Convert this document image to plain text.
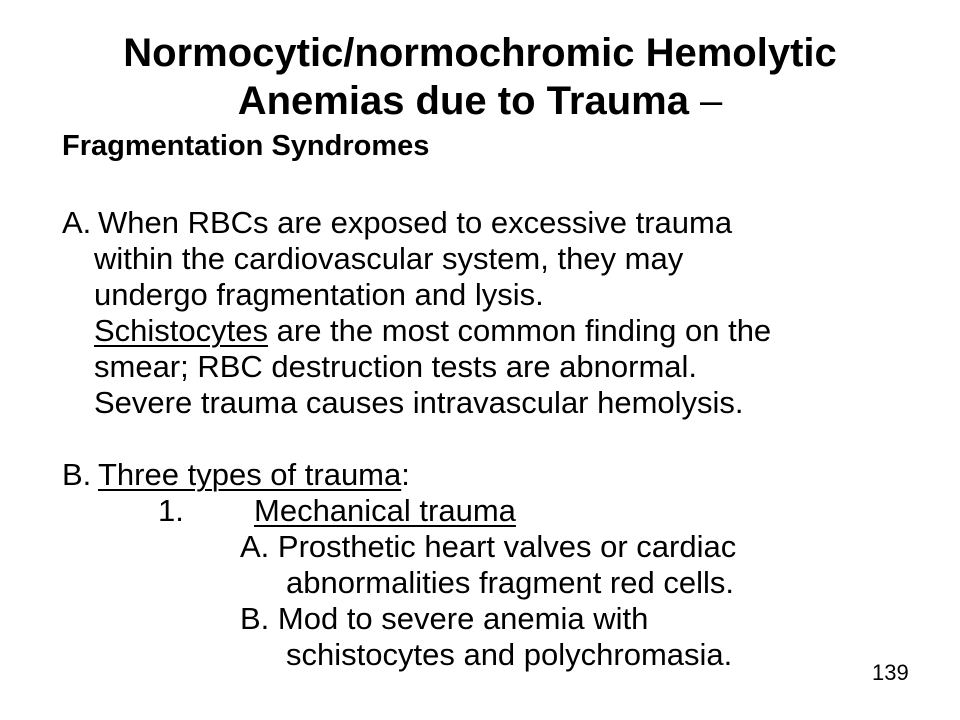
Normocytic/normochromic Hemolytic
Anemias due to Trauma –
Fragmentation Syndromes
A. When RBCs are exposed to excessive trauma
within the cardiovascular system, they may
undergo fragmentation and lysis.
Schistocytes are the most common finding on the
smear; RBC destruction tests are abnormal.
Severe trauma causes intravascular hemolysis.
B. Three types of trauma:
1. Mechanical trauma
A. Prosthetic heart valves or cardiac
abnormalities fragment red cells.
B. Mod to severe anemia with
schistocytes and polychromasia.
139
